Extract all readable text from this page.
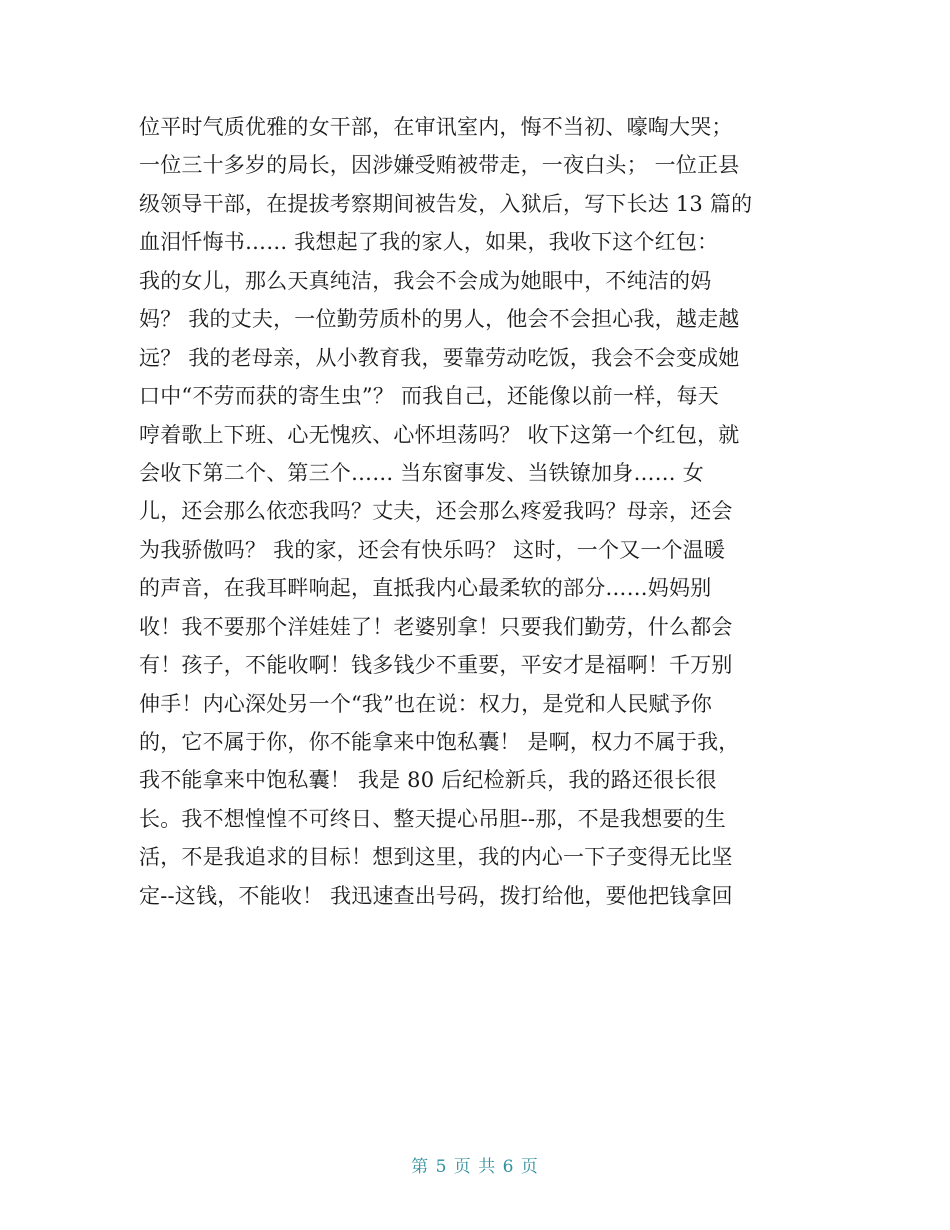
位平时气质优雅的女干部，在审讯室内，悔不当初、嚎啕大哭；
一位三十多岁的局长，因涉嫌受贿被带走，一夜白头； 一位正县
级领导干部，在提拔考察期间被告发，入狱后，写下长达 13 篇的
血泪忏悔书…… 我想起了我的家人，如果，我收下这个红包：
我的女儿，那么天真纯洁，我会不会成为她眼中，不纯洁的妈
妈？ 我的丈夫，一位勤劳质朴的男人，他会不会担心我，越走越
远？ 我的老母亲，从小教育我，要靠劳动吃饭，我会不会变成她
口中“不劳而获的寄生虫”？ 而我自己，还能像以前一样，每天
哼着歌上下班、心无愧疚、心怀坦荡吗？ 收下这第一个红包，就
会收下第二个、第三个…… 当东窗事发、当铁镣加身…… 女
儿，还会那么依恋我吗？丈夫，还会那么疼爱我吗？母亲，还会
为我骄傲吗？ 我的家，还会有快乐吗？ 这时，一个又一个温暖
的声音，在我耳畔响起，直抵我内心最柔软的部分……妈妈别
收！我不要那个洋娃娃了！老婆别拿！只要我们勤劳，什么都会
有！孩子，不能收啊！钱多钱少不重要，平安才是福啊！千万别
伸手！内心深处另一个“我”也在说：权力，是党和人民赋予你
的，它不属于你，你不能拿来中饱私囊！ 是啊，权力不属于我，
我不能拿来中饱私囊！ 我是 80 后纪检新兵，我的路还很长很
长。我不想惶惶不可终日、整天提心吊胆--那，不是我想要的生
活，不是我追求的目标！想到这里，我的内心一下子变得无比坚
定--这钱，不能收！ 我迅速查出号码，拨打给他，要他把钱拿回
第 5 页 共 6 页
